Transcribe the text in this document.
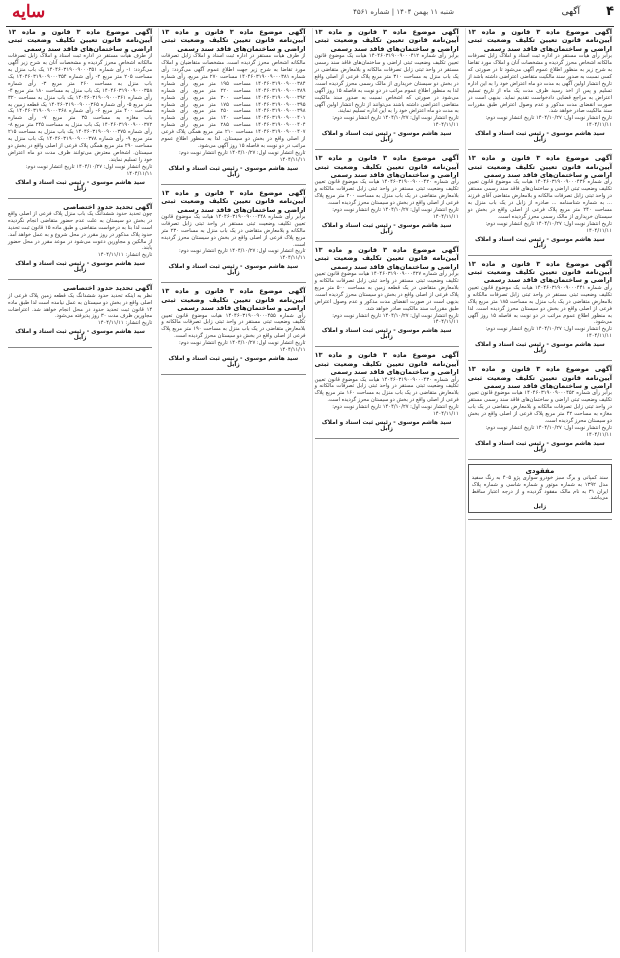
۴
آگهی
شنبه ۱۱ بهمن ۱۴۰۴ | شماره ۴۵۶۱
سایه
آگهی موضوع ماده ۳ قانون و ماده ۱۳ آیین‌نامه قانون تعیین تکلیف وضعیت ثبتی اراضی و ساختمان‌های فاقد سند رسمی
برابر رأی هیات مستقر در اداره ثبت اسناد و املاک زابل تصرفات مالکانه اشخاص محرز گردیده و مشخصات آنان و املاک مورد تقاضا به شرح زیر به منظور اطلاع عموم آگهی می‌شود تا در صورتی که کسی نسبت به صدور سند مالکیت متقاضی اعتراضی داشته باشد از تاریخ انتشار اولین آگهی به مدت دو ماه اعتراض خود را به این اداره تسلیم و پس از اخذ رسید ظرف مدت یک ماه از تاریخ تسلیم اعتراض به مراجع قضایی دادخواست تقدیم نماید. بدیهی است در صورت انقضای مدت مذکور و عدم وصول اعتراض طبق مقررات سند مالکیت صادر خواهد شد.
تاریخ انتشار نوبت اول: ۱۴۰۴/۱۰/۲۷ تاریخ انتشار نوبت دوم: ۱۴۰۴/۱۱/۱۱
سید هاشم موسوی - رئیس ثبت اسناد و املاک زابل
آگهی موضوع ماده ۳ قانون و ماده ۱۳ آیین‌نامه قانون تعیین تکلیف وضعیت ثبتی اراضی و ساختمان‌های فاقد سند رسمی
رأی شماره ۱۴۰۴۶۰۳۱۹۰۰۹۰۰۰۴۳۶ هیات یک موضوع قانون تعیین تکلیف وضعیت ثبتی اراضی و ساختمان‌های فاقد سند رسمی مستقر در واحد ثبتی زابل تصرفات مالکانه و بلامعارض متقاضی آقای فرزند ... به شماره شناسنامه ... صادره از زابل در یک باب منزل به مساحت ۲۴۰ متر مربع پلاک فرعی از اصلی واقع در بخش دو سیستان خریداری از مالک رسمی محرز گردیده است.
تاریخ انتشار نوبت اول: ۱۴۰۴/۱۰/۲۷ تاریخ انتشار نوبت دوم: ۱۴۰۴/۱۱/۱۱
سید هاشم موسوی - رئیس ثبت اسناد و املاک زابل
آگهی موضوع ماده ۳ قانون و ماده ۱۳ آیین‌نامه قانون تعیین تکلیف وضعیت ثبتی اراضی و ساختمان‌های فاقد سند رسمی
رأی شماره ۱۴۰۴۶۰۳۱۹۰۰۹۰۰۰۴۴۱ هیات یک موضوع قانون تعیین تکلیف وضعیت ثبتی مستقر در واحد ثبتی زابل تصرفات مالکانه و بلامعارض متقاضی در یک باب منزل به مساحت ۱۸۵ متر مربع پلاک فرعی از اصلی واقع در بخش دو سیستان محرز گردیده است. لذا به منظور اطلاع عموم مراتب در دو نوبت به فاصله ۱۵ روز آگهی می‌شود.
تاریخ انتشار نوبت اول: ۱۴۰۴/۱۰/۲۷ تاریخ انتشار نوبت دوم: ۱۴۰۴/۱۱/۱۱
سید هاشم موسوی - رئیس ثبت اسناد و املاک زابل
آگهی موضوع ماده ۳ قانون و ماده ۱۳ آیین‌نامه قانون تعیین تکلیف وضعیت ثبتی اراضی و ساختمان‌های فاقد سند رسمی
برابر رأی شماره ۱۴۰۴۶۰۳۱۹۰۰۹۰۰۰۴۵۲ هیات موضوع قانون تعیین تکلیف وضعیت ثبتی اراضی و ساختمان‌های فاقد سند رسمی مستقر در واحد ثبتی زابل تصرفات مالکانه و بلامعارض متقاضی در یک باب مغازه به مساحت ۴۲ متر مربع پلاک فرعی از اصلی واقع در بخش دو سیستان محرز گردیده است.
تاریخ انتشار نوبت اول: ۱۴۰۴/۱۰/۲۷ تاریخ انتشار نوبت دوم: ۱۴۰۴/۱۱/۱۱
سید هاشم موسوی - رئیس ثبت اسناد و املاک زابل
مفقودی
سند کمپانی و برگ سبز خودرو سواری پژو ۴۰۵ به رنگ سفید مدل ۱۳۹۲ به شماره موتور و شماره شاسی و شماره پلاک ایران ۳۱ به نام مالک مفقود گردیده و از درجه اعتبار ساقط می‌باشد.
زابل
آگهی موضوع ماده ۳ قانون و ماده ۱۳ آیین‌نامه قانون تعیین تکلیف وضعیت ثبتی اراضی و ساختمان‌های فاقد سند رسمی
برابر رأی شماره ۱۴۰۴۶۰۳۱۹۰۰۹۰۰۰۴۱۲ هیات یک موضوع قانون تعیین تکلیف وضعیت ثبتی اراضی و ساختمان‌های فاقد سند رسمی مستقر در واحد ثبتی زابل تصرفات مالکانه و بلامعارض متقاضی در یک باب منزل به مساحت ۳۱۰ متر مربع پلاک فرعی از اصلی واقع در بخش دو سیستان خریداری از مالک رسمی محرز گردیده است. لذا به منظور اطلاع عموم مراتب در دو نوبت به فاصله ۱۵ روز آگهی می‌شود در صورتی که اشخاص نسبت به صدور سند مالکیت متقاضی اعتراضی داشته باشند می‌توانند از تاریخ انتشار اولین آگهی به مدت دو ماه اعتراض خود را به این اداره تسلیم نمایند.
تاریخ انتشار نوبت اول: ۱۴۰۴/۱۰/۲۷ تاریخ انتشار نوبت دوم: ۱۴۰۴/۱۱/۱۱
سید هاشم موسوی - رئیس ثبت اسناد و املاک زابل
آگهی موضوع ماده ۳ قانون و ماده ۱۳ آیین‌نامه قانون تعیین تکلیف وضعیت ثبتی اراضی و ساختمان‌های فاقد سند رسمی
رأی شماره ۱۴۰۴۶۰۳۱۹۰۰۹۰۰۰۴۲۰ هیات یک موضوع قانون تعیین تکلیف وضعیت ثبتی مستقر در واحد ثبتی زابل تصرفات مالکانه و بلامعارض متقاضی در یک باب منزل به مساحت ۲۰۰ متر مربع پلاک فرعی از اصلی واقع در بخش دو سیستان محرز گردیده است.
تاریخ انتشار نوبت اول: ۱۴۰۴/۱۰/۲۷ تاریخ انتشار نوبت دوم: ۱۴۰۴/۱۱/۱۱
سید هاشم موسوی - رئیس ثبت اسناد و املاک زابل
آگهی موضوع ماده ۳ قانون و ماده ۱۳ آیین‌نامه قانون تعیین تکلیف وضعیت ثبتی اراضی و ساختمان‌های فاقد سند رسمی
برابر رأی شماره ۱۴۰۴۶۰۳۱۹۰۰۹۰۰۰۴۲۷ هیات موضوع قانون تعیین تکلیف وضعیت ثبتی مستقر در واحد ثبتی زابل تصرفات مالکانه و بلامعارض متقاضی در یک قطعه زمین به مساحت ۵۰۰ متر مربع پلاک فرعی از اصلی واقع در بخش دو سیستان محرز گردیده است. بدیهی است در صورت انقضای مدت مذکور و عدم وصول اعتراض طبق مقررات سند مالکیت صادر خواهد شد.
تاریخ انتشار نوبت اول: ۱۴۰۴/۱۰/۲۷ تاریخ انتشار نوبت دوم: ۱۴۰۴/۱۱/۱۱
سید هاشم موسوی - رئیس ثبت اسناد و املاک زابل
آگهی موضوع ماده ۳ قانون و ماده ۱۳ آیین‌نامه قانون تعیین تکلیف وضعیت ثبتی اراضی و ساختمان‌های فاقد سند رسمی
رأی شماره ۱۴۰۴۶۰۳۱۹۰۰۹۰۰۰۴۳۰ هیات یک موضوع قانون تعیین تکلیف وضعیت ثبتی مستقر در واحد ثبتی زابل تصرفات مالکانه و بلامعارض متقاضی در یک باب منزل به مساحت ۱۶۰ متر مربع پلاک فرعی از اصلی واقع در بخش دو سیستان محرز گردیده است.
تاریخ انتشار نوبت اول: ۱۴۰۴/۱۰/۲۷ تاریخ انتشار نوبت دوم: ۱۴۰۴/۱۱/۱۱
سید هاشم موسوی - رئیس ثبت اسناد و املاک زابل
آگهی موضوع ماده ۳ قانون و ماده ۱۳ آیین‌نامه قانون تعیین تکلیف وضعیت ثبتی اراضی و ساختمان‌های فاقد سند رسمی
از طرف هیات مستقر در اداره ثبت اسناد و املاک زابل تصرفات مالکانه اشخاص محرز گردیده است. مشخصات متقاضیان و املاک مورد تقاضا به شرح زیر جهت اطلاع عموم آگهی می‌گردد: رأی شماره ۱۴۰۴۶۰۳۱۹۰۰۹۰۰۰۳۸۱ مساحت ۲۷۰ متر مربع، رأی شماره ۱۴۰۴۶۰۳۱۹۰۰۹۰۰۰۳۸۴ مساحت ۱۹۵ متر مربع، رأی شماره ۱۴۰۴۶۰۳۱۹۰۰۹۰۰۰۳۸۹ مساحت ۲۲۰ متر مربع، رأی شماره ۱۴۰۴۶۰۳۱۹۰۰۹۰۰۰۳۹۲ مساحت ۳۰۰ متر مربع، رأی شماره ۱۴۰۴۶۰۳۱۹۰۰۹۰۰۰۳۹۵ مساحت ۱۷۵ متر مربع، رأی شماره ۱۴۰۴۶۰۳۱۹۰۰۹۰۰۰۳۹۸ مساحت ۲۵۰ متر مربع، رأی شماره ۱۴۰۴۶۰۳۱۹۰۰۹۰۰۰۴۰۱ مساحت ۱۴۰ متر مربع، رأی شماره ۱۴۰۴۶۰۳۱۹۰۰۹۰۰۰۴۰۴ مساحت ۲۸۵ متر مربع، رأی شماره ۱۴۰۴۶۰۳۱۹۰۰۹۰۰۰۴۰۷ مساحت ۲۱۰ متر مربع همگی پلاک فرعی از اصلی واقع در بخش دو سیستان. لذا به منظور اطلاع عموم مراتب در دو نوبت به فاصله ۱۵ روز آگهی می‌شود.
تاریخ انتشار نوبت اول: ۱۴۰۴/۱۰/۲۷ تاریخ انتشار نوبت دوم: ۱۴۰۴/۱۱/۱۱
سید هاشم موسوی - رئیس ثبت اسناد و املاک زابل
آگهی موضوع ماده ۳ قانون و ماده ۱۳ آیین‌نامه قانون تعیین تکلیف وضعیت ثبتی اراضی و ساختمان‌های فاقد سند رسمی
برابر رأی شماره ۱۴۰۴۶۰۳۱۹۰۰۹۰۰۰۴۴۸ هیات یک موضوع قانون تعیین تکلیف وضعیت ثبتی مستقر در واحد ثبتی زابل تصرفات مالکانه و بلامعارض متقاضی در یک باب منزل به مساحت ۲۳۰ متر مربع پلاک فرعی از اصلی واقع در بخش دو سیستان محرز گردیده است.
تاریخ انتشار نوبت اول: ۱۴۰۴/۱۰/۲۷ تاریخ انتشار نوبت دوم: ۱۴۰۴/۱۱/۱۱
سید هاشم موسوی - رئیس ثبت اسناد و املاک زابل
آگهی موضوع ماده ۳ قانون و ماده ۱۳ آیین‌نامه قانون تعیین تکلیف وضعیت ثبتی اراضی و ساختمان‌های فاقد سند رسمی
رأی شماره ۱۴۰۴۶۰۳۱۹۰۰۹۰۰۰۴۵۵ هیات موضوع قانون تعیین تکلیف وضعیت ثبتی مستقر در واحد ثبتی زابل تصرفات مالکانه و بلامعارض متقاضی در یک باب منزل به مساحت ۱۹۰ متر مربع پلاک فرعی از اصلی واقع در بخش دو سیستان محرز گردیده است.
تاریخ انتشار نوبت اول: ۱۴۰۴/۱۰/۲۷ تاریخ انتشار نوبت دوم: ۱۴۰۴/۱۱/۱۱
سید هاشم موسوی - رئیس ثبت اسناد و املاک زابل
آگهی موضوع ماده ۳ قانون و ماده ۱۳ آیین‌نامه قانون تعیین تکلیف وضعیت ثبتی اراضی و ساختمان‌های فاقد سند رسمی
از طرف هیات مستقر در اداره ثبت اسناد و املاک زابل تصرفات مالکانه اشخاص محرز گردیده و مشخصات آنان به شرح زیر آگهی می‌گردد: ۱- رأی شماره ۱۴۰۴۶۰۳۱۹۰۰۹۰۰۰۳۵۱ یک باب منزل به مساحت ۲۰۵ متر مربع ۲- رأی شماره ۱۴۰۴۶۰۳۱۹۰۰۹۰۰۰۳۵۴ یک باب منزل به مساحت ۲۶۰ متر مربع ۳- رأی شماره ۱۴۰۴۶۰۳۱۹۰۰۹۰۰۰۳۵۸ یک باب منزل به مساحت ۱۸۰ متر مربع ۴- رأی شماره ۱۴۰۴۶۰۳۱۹۰۰۹۰۰۰۳۶۱ یک باب منزل به مساحت ۳۲۰ متر مربع ۵- رأی شماره ۱۴۰۴۶۰۳۱۹۰۰۹۰۰۰۳۶۵ یک قطعه زمین به مساحت ۴۰۰ متر مربع ۶- رأی شماره ۱۴۰۴۶۰۳۱۹۰۰۹۰۰۰۳۶۸ یک باب مغازه به مساحت ۳۵ متر مربع ۷- رأی شماره ۱۴۰۴۶۰۳۱۹۰۰۹۰۰۰۳۷۲ یک باب منزل به مساحت ۲۴۵ متر مربع ۸- رأی شماره ۱۴۰۴۶۰۳۱۹۰۰۹۰۰۰۳۷۵ یک باب منزل به مساحت ۲۱۵ متر مربع ۹- رأی شماره ۱۴۰۴۶۰۳۱۹۰۰۹۰۰۰۳۷۸ یک باب منزل به مساحت ۲۹۰ متر مربع همگی پلاک فرعی از اصلی واقع در بخش دو سیستان. اشخاص معترض می‌توانند ظرف مدت دو ماه اعتراض خود را تسلیم نمایند.
تاریخ انتشار نوبت اول: ۱۴۰۴/۱۰/۲۷ تاریخ انتشار نوبت دوم: ۱۴۰۴/۱۱/۱۱
سید هاشم موسوی - رئیس ثبت اسناد و املاک زابل
آگهی تحدید حدود اختصاصی
چون تحدید حدود ششدانگ یک باب منزل پلاک فرعی از اصلی واقع در بخش دو سیستان به علت عدم حضور متقاضی انجام نگردیده است لذا بنا به درخواست متقاضی و طبق ماده ۱۵ قانون ثبت تحدید حدود پلاک مذکور در روز مقرر در محل شروع و به عمل خواهد آمد. از مالکین و مجاورین دعوت می‌شود در موعد مقرر در محل حضور یابند.
تاریخ انتشار: ۱۴۰۴/۱۱/۱۱
سید هاشم موسوی - رئیس ثبت اسناد و املاک زابل
آگهی تحدید حدود اختصاصی
نظر به اینکه تحدید حدود ششدانگ یک قطعه زمین پلاک فرعی از اصلی واقع در بخش دو سیستان به عمل نیامده است لذا طبق ماده ۱۴ قانون ثبت تحدید حدود در محل انجام خواهد شد. اعتراضات مجاورین ظرف مدت ۳۰ روز پذیرفته می‌شود.
تاریخ انتشار: ۱۴۰۴/۱۱/۱۱
سید هاشم موسوی - رئیس ثبت اسناد و املاک زابل
